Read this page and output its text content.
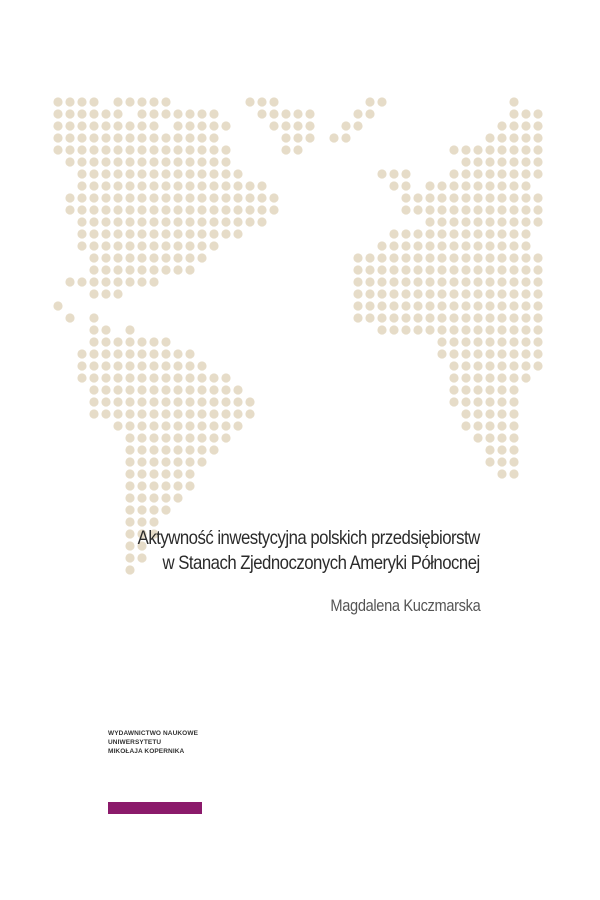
Aktywność inwestycyjna polskich przedsiębiorstw
w Stanach Zjednoczonych Ameryki Północnej
Magdalena Kuczmarska
WYDAWNICTWO NAUKOWE
UNIWERSYTETU
MIKOŁAJA KOPERNIKA
